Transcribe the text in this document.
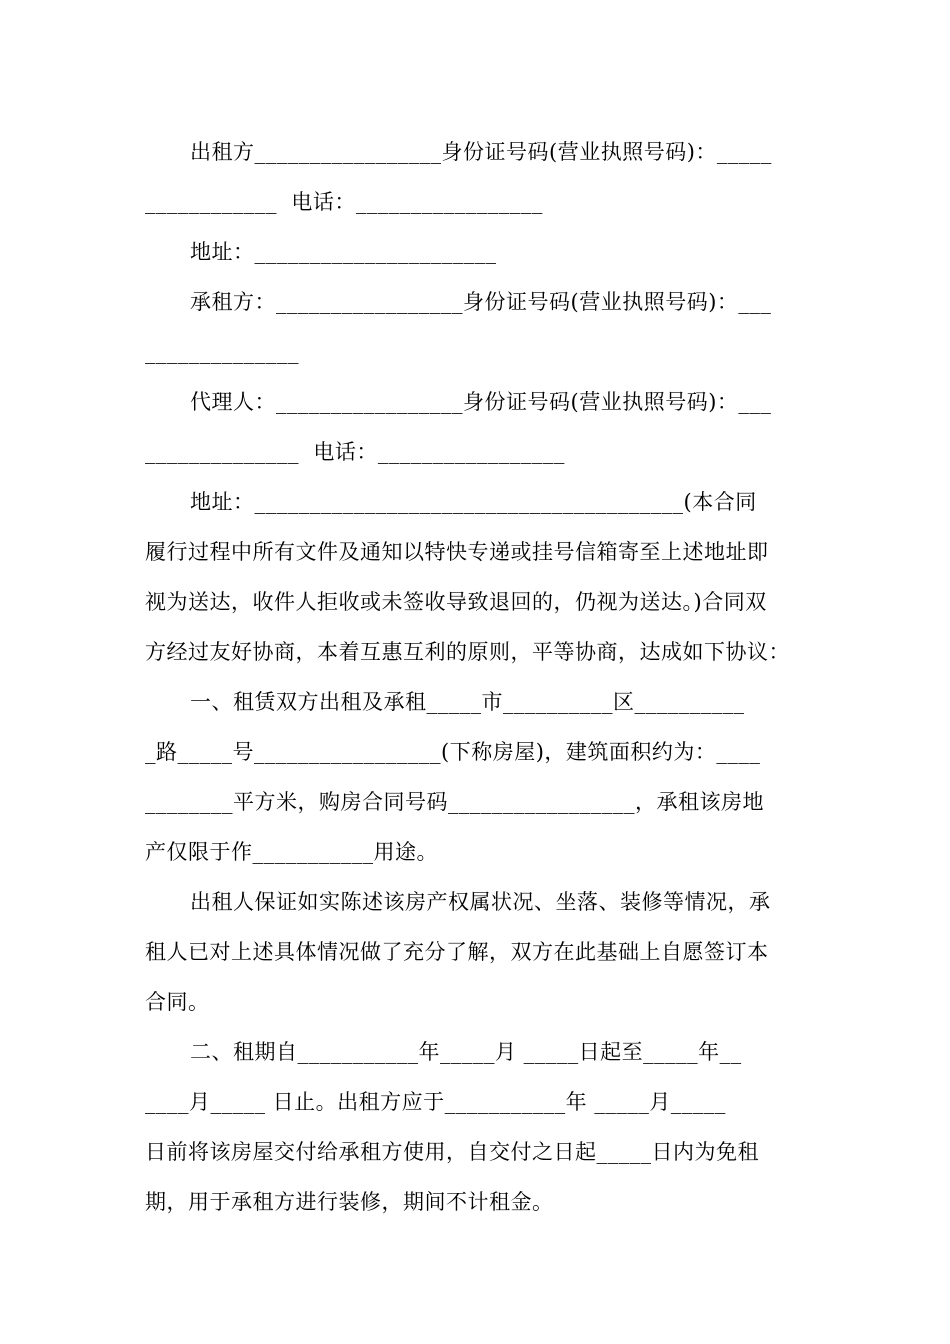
出租方_________________身份证号码(营业执照号码)：_____
____________  电话：_________________
地址：______________________
承租方：_________________身份证号码(营业执照号码)：___
______________
代理人：_________________身份证号码(营业执照号码)：___
______________  电话：_________________
地址：_______________________________________(本合同
履行过程中所有文件及通知以特快专递或挂号信箱寄至上述地址即
视为送达，收件人拒收或未签收导致退回的，仍视为送达。)合同双
方经过友好协商，本着互惠互利的原则，平等协商，达成如下协议：
一、租赁双方出租及承租_____市__________区__________
_路_____号_________________(下称房屋)，建筑面积约为：____
________平方米，购房合同号码_________________，承租该房地
产仅限于作___________用途。
出租人保证如实陈述该房产权属状况、坐落、装修等情况，承
租人已对上述具体情况做了充分了解，双方在此基础上自愿签订本
合同。
二、租期自___________年_____月 _____日起至_____年__
____月_____ 日止。出租方应于___________年 _____月_____
日前将该房屋交付给承租方使用，自交付之日起_____日内为免租
期，用于承租方进行装修，期间不计租金。
